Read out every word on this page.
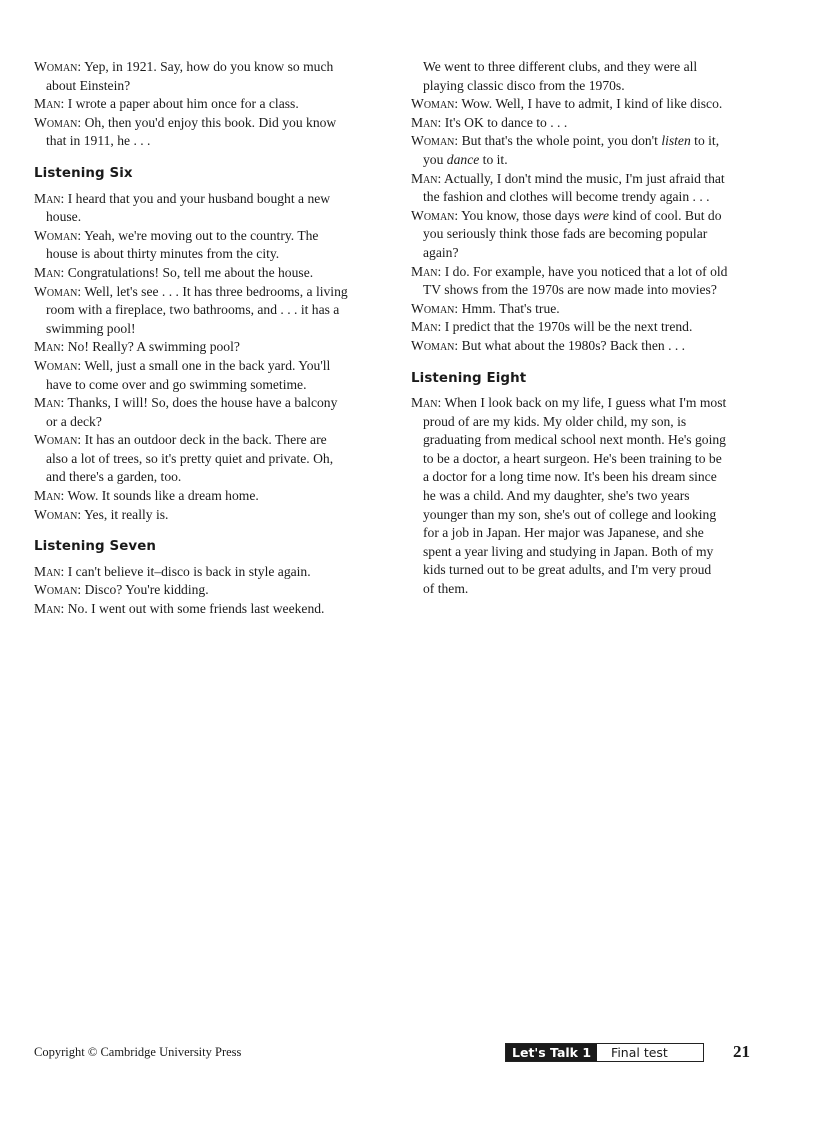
Woman: Yep, in 1921. Say, how do you know so much

about Einstein?

Man: I wrote a paper about him once for a class.

Woman: Oh, then you'd enjoy this book. Did you know

that in 1911, he . . .

Listening Six

Man: I heard that you and your husband bought a new

house.

Woman: Yeah, we're moving out to the country. The

house is about thirty minutes from the city.

Man: Congratulations! So, tell me about the house.

Woman: Well, let's see . . . It has three bedrooms, a living

room with a fireplace, two bathrooms, and . . . it has a

swimming pool!

Man: No! Really? A swimming pool?

Woman: Well, just a small one in the back yard. You'll

have to come over and go swimming sometime.

Man: Thanks, I will! So, does the house have a balcony

or a deck?

Woman: It has an outdoor deck in the back. There are

also a lot of trees, so it's pretty quiet and private. Oh,

and there's a garden, too.

Man: Wow. It sounds like a dream home.

Woman: Yes, it really is.

Listening Seven

Man: I can't believe it–disco is back in style again.

Woman: Disco? You're kidding.

Man: No. I went out with some friends last weekend.

We went to three different clubs, and they were all

playing classic disco from the 1970s.

Woman: Wow. Well, I have to admit, I kind of like disco.

Man: It's OK to dance to . . .

Woman: But that's the whole point, you don't listen to it,

you dance to it.

Man: Actually, I don't mind the music, I'm just afraid that

the fashion and clothes will become trendy again . . .

Woman: You know, those days were kind of cool. But do

you seriously think those fads are becoming popular

again?

Man: I do. For example, have you noticed that a lot of old

TV shows from the 1970s are now made into movies?

Woman: Hmm. That's true.

Man: I predict that the 1970s will be the next trend.

Woman: But what about the 1980s? Back then . . .

Listening Eight

Man: When I look back on my life, I guess what I'm most

proud of are my kids. My older child, my son, is

graduating from medical school next month. He's going

to be a doctor, a heart surgeon. He's been training to be

a doctor for a long time now. It's been his dream since

he was a child. And my daughter, she's two years

younger than my son, she's out of college and looking

for a job in Japan. Her major was Japanese, and she

spent a year living and studying in Japan. Both of my

kids turned out to be great adults, and I'm very proud

of them.

Copyright © Cambridge University Press	Let's Talk 1	Final test	21
